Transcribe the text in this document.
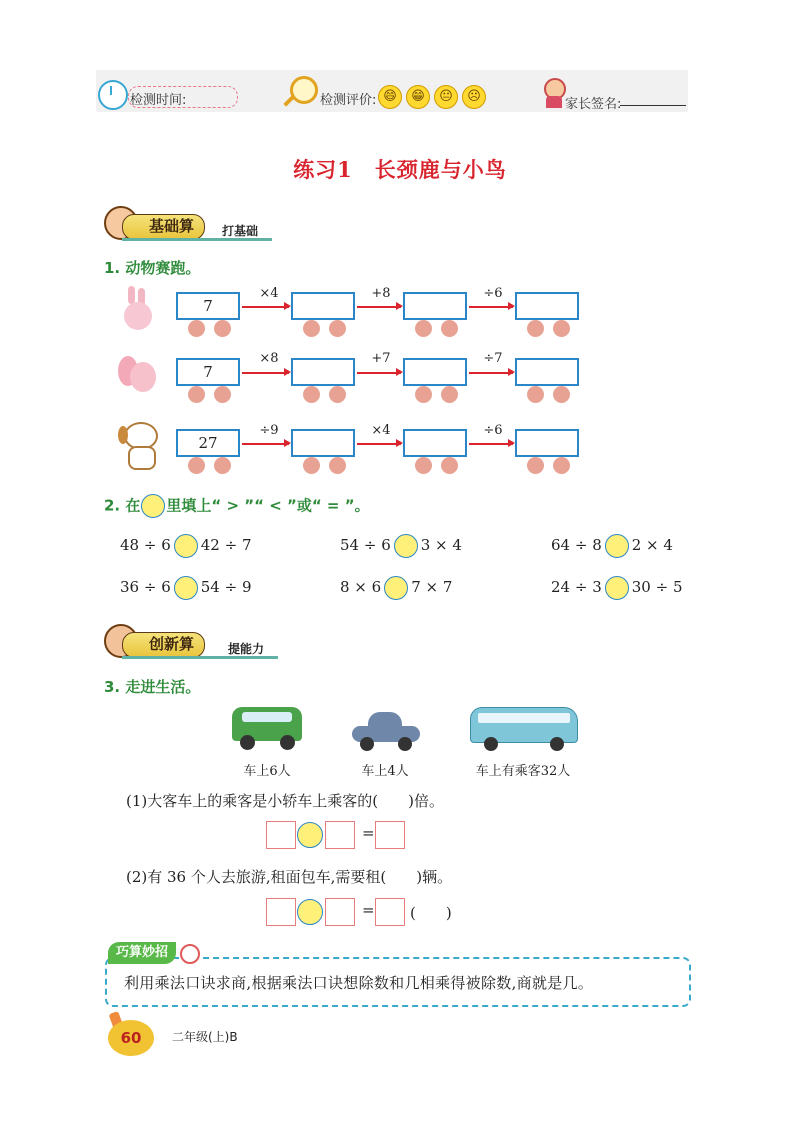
检测时间:	检测评价: 😄	😁	😐	☹
家长签名:
练习1　长颈鹿与小鸟
基础算	打基础
1. 动物赛跑。
7
×4	+8	÷6
7
×8	+7	÷7
27
÷9	×4	÷6
2. 在 里填上“ > ”“ < ”或“ = ”。
48 ÷ 6 42 ÷ 7	54 ÷ 6 3 × 4	64 ÷ 8 2 × 4
36 ÷ 6 54 ÷ 9	8 × 6 7 × 7	24 ÷ 3 30 ÷ 5
创新算	提能力
3. 走进生活。
车上6人	车上4人	车上有乘客32人
(1)大客车上的乘客是小轿车上乘客的(　　)倍。
=
(2)有 36 个人去旅游,租面包车,需要租(　　)辆。
= (　　)
巧算妙招
利用乘法口诀求商,根据乘法口诀想除数和几相乘得被除数,商就是几。
60	二年级(上)B
